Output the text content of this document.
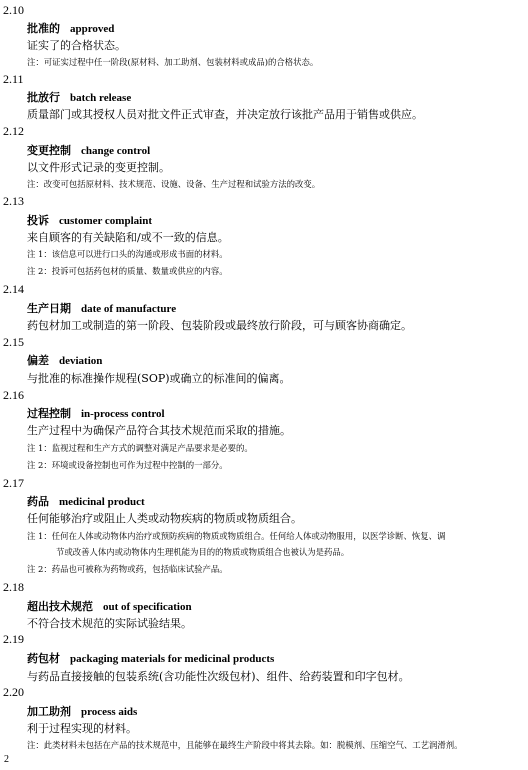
2.10
批准的 approved
证实了的合格状态。
注：可证实过程中任一阶段(原材料、加工助剂、包装材料或成品)的合格状态。
2.11
批放行 batch release
质量部门或其授权人员对批文件正式审查，并决定放行该批产品用于销售或供应。
2.12
变更控制 change control
以文件形式记录的变更控制。
注：改变可包括原材料、技术规范、设施、设备、生产过程和试验方法的改变。
2.13
投诉 customer complaint
来自顾客的有关缺陷和/或不一致的信息。
注 1：该信息可以进行口头的沟通或形成书面的材料。
注 2：投诉可包括药包材的质量、数量或供应的内容。
2.14
生产日期 date of manufacture
药包材加工或制造的第一阶段、包装阶段或最终放行阶段，可与顾客协商确定。
2.15
偏差 deviation
与批准的标准操作规程(SOP)或确立的标准间的偏离。
2.16
过程控制 in-process control
生产过程中为确保产品符合其技术规范而采取的措施。
注 1：监视过程和生产方式的调整对满足产品要求是必要的。
注 2：环境或设备控制也可作为过程中控制的一部分。
2.17
药品 medicinal product
任何能够治疗或阻止人类或动物疾病的物质或物质组合。
注 1：任何在人体或动物体内治疗或预防疾病的物质或物质组合。任何给人体或动物服用，以医学诊断、恢复、调
节或改善人体内或动物体内生理机能为目的的物质或物质组合也被认为是药品。
注 2：药品也可被称为药物或药，包括临床试验产品。
2.18
超出技术规范 out of specification
不符合技术规范的实际试验结果。
2.19
药包材 packaging materials for medicinal products
与药品直接接触的包装系统(含功能性次级包材)、组件、给药装置和印字包材。
2.20
加工助剂 process aids
利于过程实现的材料。
注：此类材料未包括在产品的技术规范中，且能够在最终生产阶段中将其去除。如：脱模剂、压缩空气、工艺润滑剂。
2
